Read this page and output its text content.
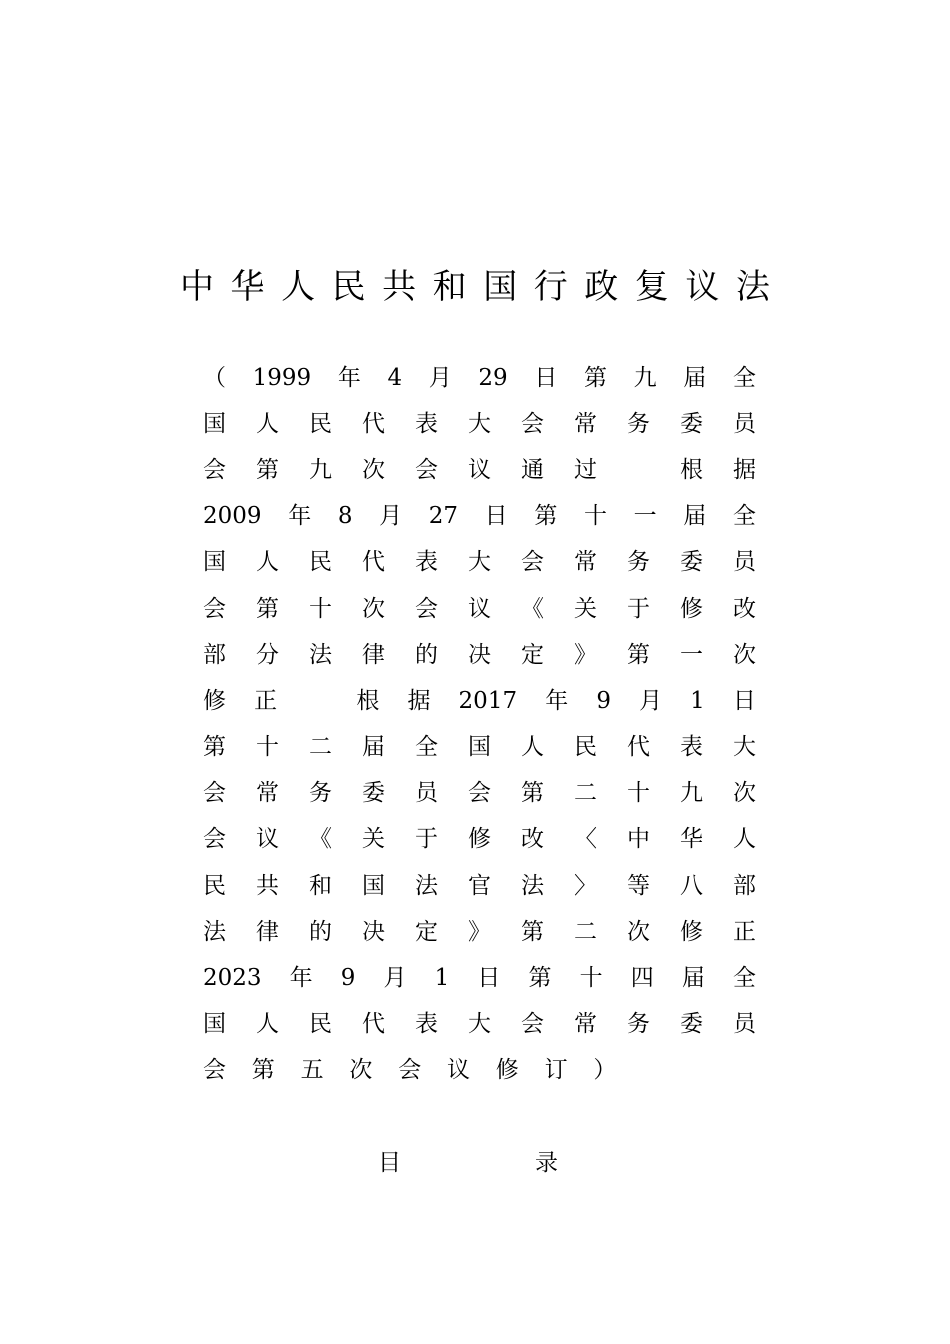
中 华 人 民 共 和 国 行 政 复 议 法
（ 1999 年 4 月 29 日 第 九 届 全
国 人 民 代 表 大 会 常 务 委 员
会 第 九 次 会 议 通 过
　	根 据
2009 年 8 月 27 日 第 十 一 届 全
国 人 民 代 表 大 会 常 务 委 员
会 第 十 次 会 议 《 关 于 修 改
部 分 法 律 的 决 定 》 第 一 次
修 正
　	根 据 2017 年 9 月 1 日
第 十 二 届 全 国 人 民 代 表 大
会 常 务 委 员 会 第 二 十 九 次
会 议 《 关 于 修 改 〈 中 华 人
民 共 和 国 法 官 法 〉 等 八 部
法 律 的 决 定 》 第 二 次 修 正
2023 年 9 月 1 日 第 十 四 届 全
国 人 民 代 表 大 会 常 务 委 员
会 第 五 次 会 议 修 订 ）
目	录
